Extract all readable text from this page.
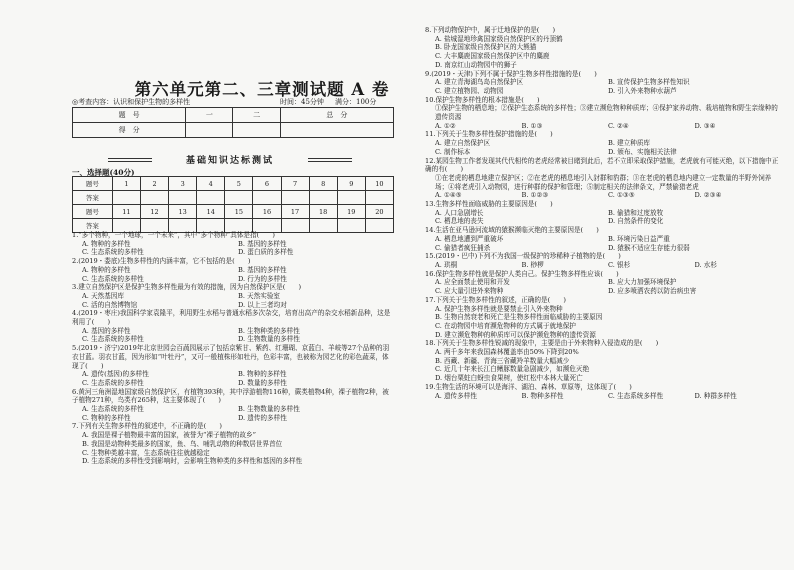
第六单元第二、三章测试题 A 卷
◎考查内容：认识和保护生物的多样性	时间：45分钟 满分：100分
题　号	一	二	总　分
得　分			
基础知识达标测试
一、选择题(40分)
题号	1	2	3	4	5	6	7	8	9	10
答案										
题号	11	12	13	14	15	16	17	18	19	20
答案										
1.“多个物种，一个地球，一个未来”，其中“多个物种”具体是指(　　)
A. 物种的多样性	B. 基因的多样性
C. 生态系统的多样性	D. 蛋白质的多样性
2.(2019・娄底)生物多样性的内涵丰富，它不包括的是(　　)
A. 物种的多样性	B. 基因的多样性
C. 生态系统的多样性	D. 行为的多样性
3.建立自然保护区是保护生物多样性最为有效的措施，因为自然保护区是(　　)
A. 天然基因库	B. 天然实验室
C. 活的自然博物馆	D. 以上三者均对
4.(2019・枣庄)我国科学家袁隆平，利用野生水稻与普通水稻多次杂交，培育出高产的杂交水稻新品种，这是利用了(　　)
A. 基因的多样性	B. 生物种类的多样性
C. 生态系统的多样性	D. 生物数量的多样性
5.(2019・济宁)2019年北京世园会百蔬园展示了包括京紫甘、紫药、红珊瑚、京蓝白、羊岐等27个品种的羽衣甘蓝。羽衣甘蓝，因为形如“叶牡丹”，又可一般植株形如牡丹，色彩丰富，也被称为园艺化的彩色蔬菜，体现了(　　)
A. 遗传(基因)的多样性	B. 物种的多样性
C. 生态系统的多样性	D. 数量的多样性
6.黄河三角洲湿地国家级自然保护区，有植物393种，其中浮游植物116种，蕨类植物4种，裸子植物2种，被子植物271种，鸟类有265种，这主要体现了(　　)
A. 生态系统的多样性	B. 生物数量的多样性
C. 物种的多样性	D. 遗传的多样性
7.下列有关生物多样性的叙述中，不正确的是(　　)
A. 我国是裸子植物最丰富的国家，被誉为“裸子植物的故乡”
B. 我国是动物种类最多的国家，鱼、鸟、哺乳动物的种数居世界首位
C. 生物种类越丰富，生态系统往往就越稳定
D. 生态系统的多样性受到影响时，会影响生物种类的多样性和基因的多样性
8.下列动物保护中，属于迁地保护的是(　　)
A. 盐城湿地珍禽国家级自然保护区的丹顶鹤
B. 卧龙国家级自然保护区的大熊猫
C. 大丰麋鹿国家级自然保护区中的麋鹿
D. 南京红山动物园中的狮子
9.(2019・天津)下列不属于保护生物多样性措施的是(　　)
A. 建立青海湖鸟岛自然保护区	B. 宣传保护生物多样性知识
C. 建立植物园、动物园	D. 引入外来物种水葫芦
10.保护生物多样性的根本措施是(　　)
①保护生物的栖息地；②保护生态系统的多样性；③建立濒危物种种质库；④保护家养动物、栽培植物和野生亲缘种的遗传资源
A. ①②	B. ①③	C. ②④	D. ③④
11.下列关于生物多样性保护措施的是(　　)
A. 建立自然保护区	B. 建立种质库
C. 制作标本	D. 颁布、实施相关法律
12.某园生物工作者发现其代代相传的老虎经常被目睹到此后，若不立即采取保护措施，老虎就有可能灭绝，以下措施中正确的有(　　)
①在老虎的栖息地建立保护区；②在老虎的栖息地引入豺群和豹群；③在老虎的栖息地内建立一定数量的半野外饲养场；④将老虎引入动物园，进行种群的保护和管理；⑤制定相关的法律条文，严禁偷猎老虎
A. ①④⑤	B. ①②③	C. ①③⑤	D. ②③④
13.生物多样性面临威胁的主要原因是(　　)
A. 人口急剧增长	B. 偷猎和过度放牧
C. 栖息地的丧失	D. 自然条件的变化
14.生活在亚马逊河流域的猿猴濒临灭绝的主要原因是(　　)
A. 栖息地遭到严重破坏	B. 环境污染日益严重
C. 偷猎者疯狂捕杀	D. 猿猴不适应生存能力很弱
15.(2019・巴中)下列不为我国一级保护的珍稀种子植物的是(　　)
A. 珙桐	B. 桫椤	C. 银杉	D. 水杉
16.保护生物多样性就是保护人类自己。保护生物多样性应该(　　)
A. 应全面禁止使用和开发	B. 应大力加强环境保护
C. 应大量引进外来物种	D. 应多喷洒农药以防治病虫害
17.下列关于生物多样性的叙述，正确的是(　　)
A. 保护生物多样性就是要禁止引入外来物种
B. 生物自然衰老和死亡是生物多样性面临威胁的主要原因
C. 在动物园中培育濒危物种的方式属于就地保护
D. 建立濒危物种的种质库可以保护濒危物种的遗传资源
18.下列关于生物多样性锐减的现象中，主要是由于外来物种入侵造成的是(　　)
A. 两千多年来我国森林覆盖率由50%下降到20%
B. 西藏、新疆、青海三省藏羚羊数量大幅减少
C. 近几十年来长江白鳍豚数量急剧减少，如濒危灭绝
D. 烟台栗蛀白蚜虫食果树，使红松中本林大量死亡
19.生物生活的环境可以是海洋、湖泊、森林、草原等，这体现了(　　)
A. 遗传多样性	B. 物种多样性	C. 生态系统多样性	D. 种群多样性
